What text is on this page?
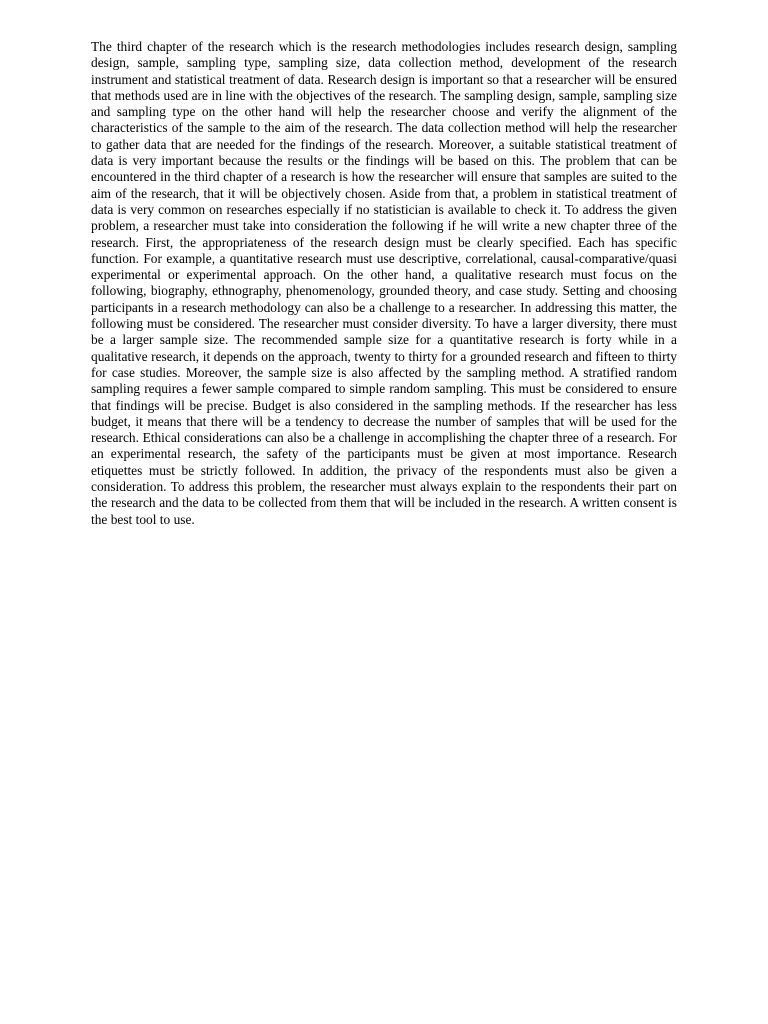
The third chapter of the research which is the research methodologies includes research design, sampling design, sample, sampling type, sampling size, data collection method, development of the research instrument and statistical treatment of data. Research design is important so that a researcher will be ensured that methods used are in line with the objectives of the research. The sampling design, sample, sampling size and sampling type on the other hand will help the researcher choose and verify the alignment of the characteristics of the sample to the aim of the research. The data collection method will help the researcher to gather data that are needed for the findings of the research. Moreover, a suitable statistical treatment of data is very important because the results or the findings will be based on this. The problem that can be encountered in the third chapter of a research is how the researcher will ensure that samples are suited to the aim of the research, that it will be objectively chosen. Aside from that, a problem in statistical treatment of data is very common on researches especially if no statistician is available to check it. To address the given problem, a researcher must take into consideration the following if he will write a new chapter three of the research. First, the appropriateness of the research design must be clearly specified. Each has specific function. For example, a quantitative research must use descriptive, correlational, causal-comparative/quasi experimental or experimental approach. On the other hand, a qualitative research must focus on the following, biography, ethnography, phenomenology, grounded theory, and case study. Setting and choosing participants in a research methodology can also be a challenge to a researcher. In addressing this matter, the following must be considered. The researcher must consider diversity. To have a larger diversity, there must be a larger sample size. The recommended sample size for a quantitative research is forty while in a qualitative research, it depends on the approach, twenty to thirty for a grounded research and fifteen to thirty for case studies. Moreover, the sample size is also affected by the sampling method. A stratified random sampling requires a fewer sample compared to simple random sampling. This must be considered to ensure that findings will be precise. Budget is also considered in the sampling methods. If the researcher has less budget, it means that there will be a tendency to decrease the number of samples that will be used for the research. Ethical considerations can also be a challenge in accomplishing the chapter three of a research. For an experimental research, the safety of the participants must be given at most importance. Research etiquettes must be strictly followed. In addition, the privacy of the respondents must also be given a consideration. To address this problem, the researcher must always explain to the respondents their part on the research and the data to be collected from them that will be included in the research. A written consent is the best tool to use.
